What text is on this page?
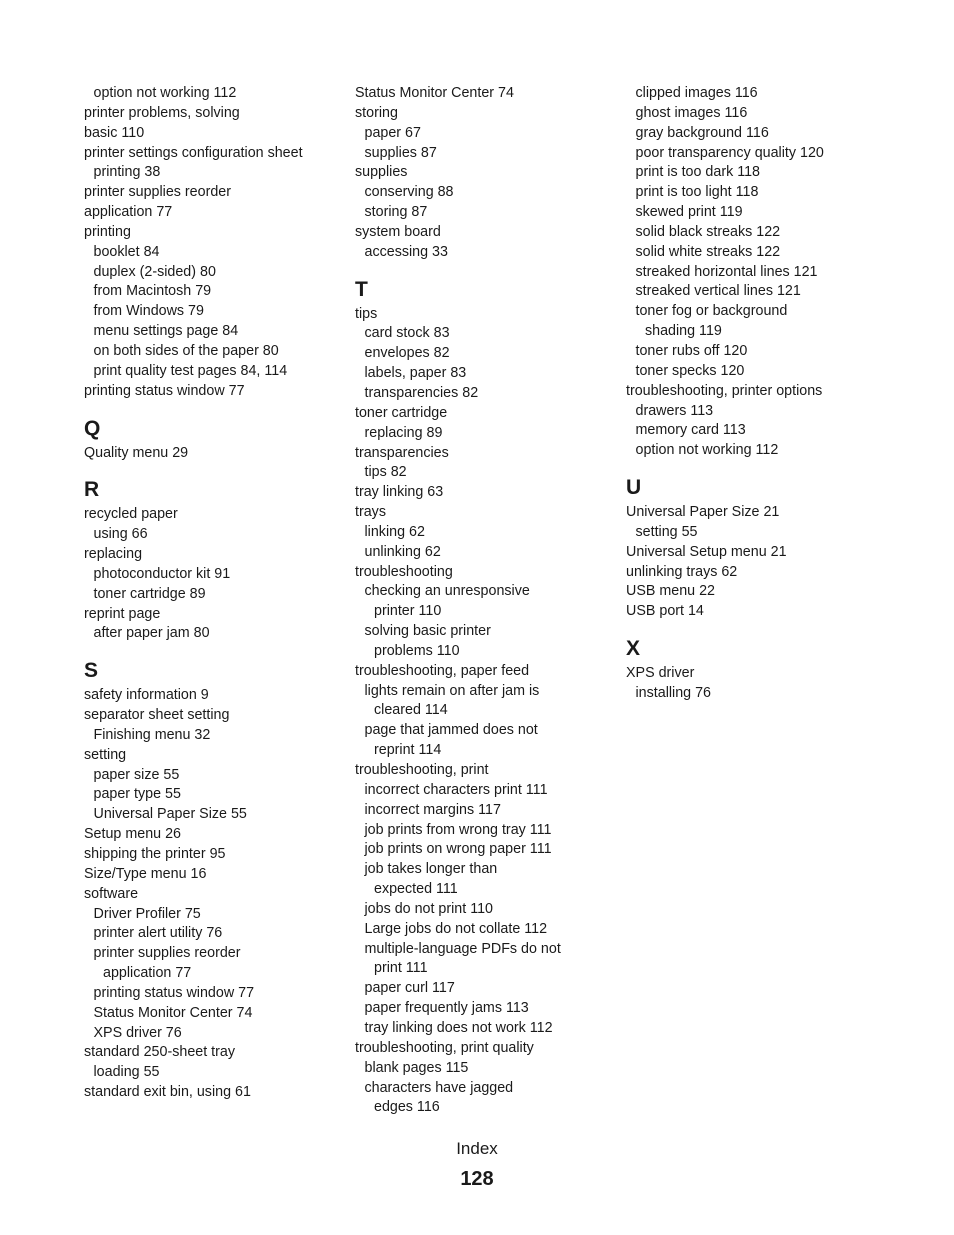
option not working 112
printer problems, solving
basic 110
printer settings configuration sheet
printing 38
printer supplies reorder
application 77
printing
booklet 84
duplex (2-sided) 80
from Macintosh 79
from Windows 79
menu settings page 84
on both sides of the paper 80
print quality test pages 84, 114
printing status window 77
Q
Quality menu 29
R
recycled paper
using 66
replacing
photoconductor kit 91
toner cartridge 89
reprint page
after paper jam 80
S
safety information 9
separator sheet setting
Finishing menu 32
setting
paper size 55
paper type 55
Universal Paper Size 55
Setup menu 26
shipping the printer 95
Size/Type menu 16
software
Driver Profiler 75
printer alert utility 76
printer supplies reorder
application 77
printing status window 77
Status Monitor Center 74
XPS driver 76
standard 250-sheet tray
loading 55
standard exit bin, using 61
Status Monitor Center 74
storing
paper 67
supplies 87
supplies
conserving 88
storing 87
system board
accessing 33
T
tips
card stock 83
envelopes 82
labels, paper 83
transparencies 82
toner cartridge
replacing 89
transparencies
tips 82
tray linking 63
trays
linking 62
unlinking 62
troubleshooting
checking an unresponsive
printer 110
solving basic printer
problems 110
troubleshooting, paper feed
lights remain on after jam is
cleared 114
page that jammed does not
reprint 114
troubleshooting, print
incorrect characters print 111
incorrect margins 117
job prints from wrong tray 111
job prints on wrong paper 111
job takes longer than
expected 111
jobs do not print 110
Large jobs do not collate 112
multiple-language PDFs do not
print 111
paper curl 117
paper frequently jams 113
tray linking does not work 112
troubleshooting, print quality
blank pages 115
characters have jagged
edges 116
clipped images 116
ghost images 116
gray background 116
poor transparency quality 120
print is too dark 118
print is too light 118
skewed print 119
solid black streaks 122
solid white streaks 122
streaked horizontal lines 121
streaked vertical lines 121
toner fog or background
shading 119
toner rubs off 120
toner specks 120
troubleshooting, printer options
drawers 113
memory card 113
option not working 112
U
Universal Paper Size 21
setting 55
Universal Setup menu 21
unlinking trays 62
USB menu 22
USB port 14
X
XPS driver
installing 76
Index
128
